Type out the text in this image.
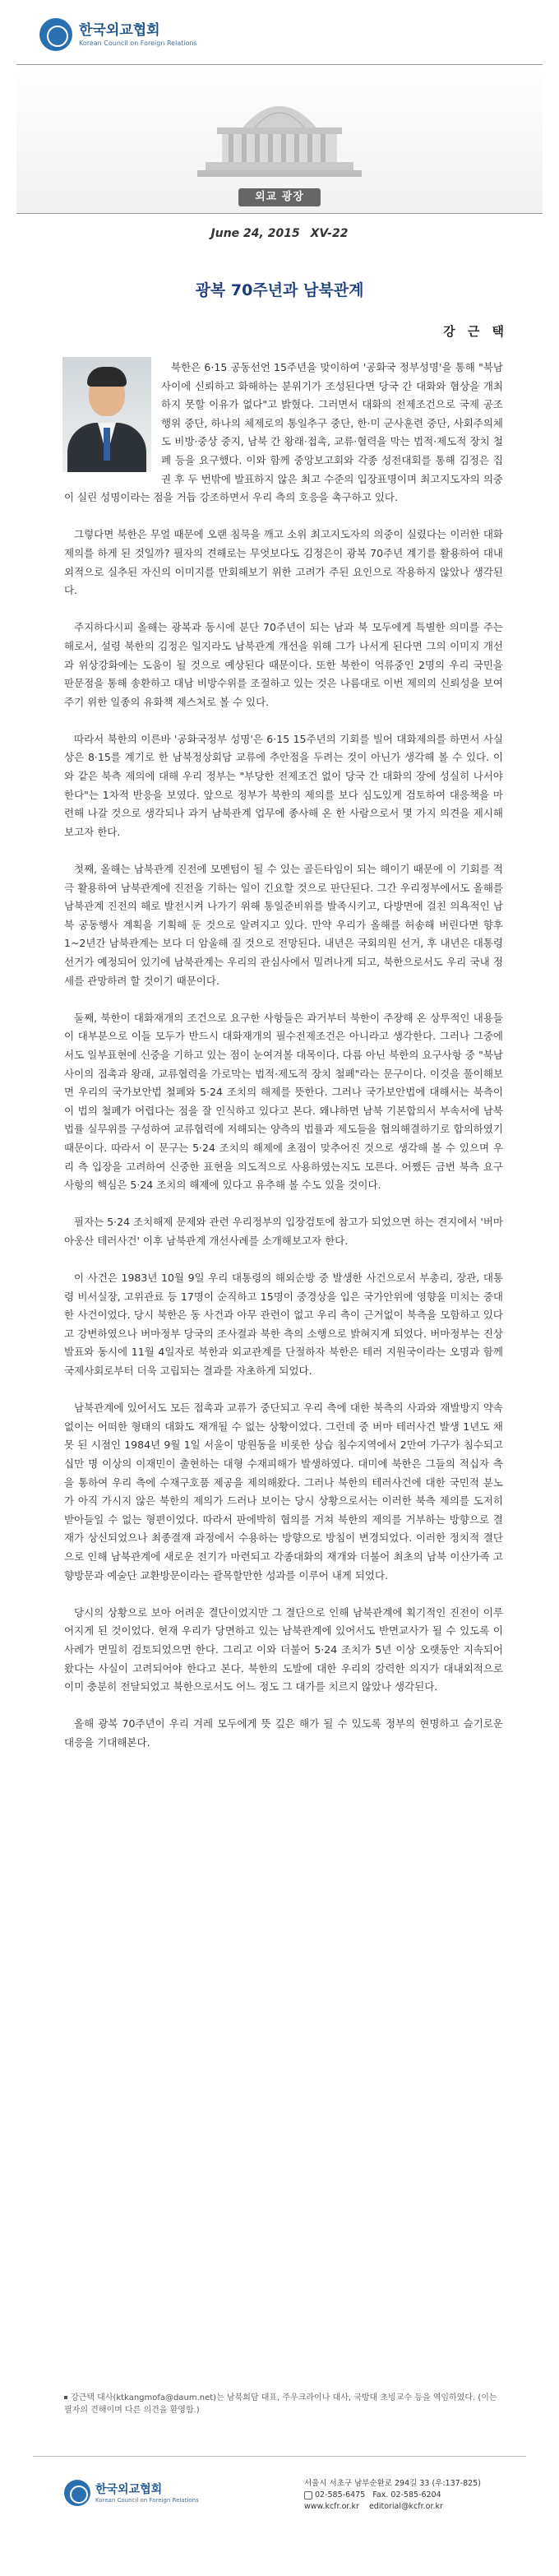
한국외교협회
Korean Council on Foreign Relations
외교 광장
June 24, 2015 XV-22
광복 70주년과 남북관계
강 근 택

북한은 6·15 공동선언 15주년을 맞이하여 '공화국 정부성명'을 통해 "북남 사이에 신뢰하고 화해하는 분위기가 조성된다면 당국 간 대화와 협상을 개최하지 못할 이유가 없다"고 밝혔다. 그러면서 대화의 전제조건으로 국제 공조행위 중단, 하나의 체제로의 통일추구 중단, 한·미 군사훈련 중단, 사회주의체도 비방·중상 중지, 남북 간 왕래·접촉, 교류·협력을 막는 법적·제도적 장치 철폐 등을 요구했다. 이와 함께 중앙보고회와 각종 성전대회를 통해 김정은 집권 후 두 번밖에 발표하지 않은 최고 수준의 입장표명이며 최고지도자의 의중이 실린 성명이라는 점을 거듭 강조하면서 우리 측의 호응을 촉구하고 있다.

그렇다면 북한은 무얼 때문에 오랜 침묵을 깨고 소위 최고지도자의 의중이 실렸다는 이러한 대화제의를 하게 된 것일까? 필자의 견해로는 무엇보다도 김정은이 광복 70주년 계기를 활용하여 대내외적으로 실추된 자신의 이미지를 만회해보기 위한 고려가 주된 요인으로 작용하지 않았나 생각된다.

주지하다시피 올해는 광복과 동시에 분단 70주년이 되는 남과 북 모두에게 특별한 의미를 주는 해로서, 설령 북한의 김정은 일지라도 남북관계 개선을 위해 그가 나서게 된다면 그의 이미지 개선과 위상강화에는 도움이 될 것으로 예상된다 때문이다. 또한 북한이 억류중인 2명의 우리 국민을 판문점을 통해 송환하고 대남 비방수위를 조절하고 있는 것은 나름대로 이번 제의의 신뢰성을 보여주기 위한 일종의 유화책 제스처로 볼 수 있다.

따라서 북한의 이른바 '공화국정부 성명'은 6·15 15주년의 기회를 빌어 대화제의를 하면서 사실상은 8·15를 계기로 한 남북정상회담 교류에 추안점을 두려는 것이 아닌가 생각해 볼 수 있다. 이와 같은 북측 제의에 대해 우리 정부는 "부당한 전제조건 없이 당국 간 대화의 장에 성실히 나서야 한다"는 1차적 반응을 보였다. 앞으로 정부가 북한의 제의를 보다 심도있게 검토하여 대응책을 마련해 나갈 것으로 생각되나 과거 남북관계 업무에 종사해 온 한 사람으로서 몇 가지 의견을 제시해 보고자 한다.

첫째, 올해는 남북관계 진전에 모멘텀이 될 수 있는 골든타임이 되는 해이기 때문에 이 기회를 적극 활용하여 남북관계에 진전을 기하는 일이 긴요할 것으로 판단된다. 그간 우리정부에서도 올해를 남북관계 진전의 해로 발전시켜 나가기 위해 통일준비위를 발족시키고, 다방면에 걸친 의욕적인 남북 공동행사 계획을 기획해 둔 것으로 알려지고 있다. 만약 우리가 올해를 허송해 버린다면 향후 1~2년간 남북관계는 보다 더 암울해 질 것으로 전망된다. 내년은 국회의원 선거, 후 내년은 대통령 선거가 예정되어 있기에 남북관계는 우리의 관심사에서 밀려나게 되고, 북한으로서도 우리 국내 정세를 관망하려 할 것이기 때문이다.

둘째, 북한이 대화재개의 조건으로 요구한 사항들은 과거부터 북한이 주장해 온 상투적인 내용들이 대부분으로 이들 모두가 반드시 대화재개의 필수전제조건은 아니라고 생각한다. 그러나 그중에서도 일부표현에 신중을 기하고 있는 점이 눈여겨볼 대목이다. 다름 아닌 북한의 요구사항 중 "북남사이의 접촉과 왕래, 교류협력을 가로막는 법적·제도적 장치 철폐"라는 문구이다. 이것을 풀이해보면 우리의 국가보안법 철폐와 5·24 조치의 해제를 뜻한다. 그러나 국가보안법에 대해서는 북측이 이 법의 철폐가 어렵다는 점을 잘 인식하고 있다고 본다. 왜냐하면 남북 기본합의서 부속서에 남북법률 실무위를 구성하여 교류협력에 저해되는 양측의 법률과 제도들을 협의해결하기로 합의하였기 때문이다. 따라서 이 문구는 5·24 조치의 해제에 초점이 맞추어진 것으로 생각해 볼 수 있으며 우리 측 입장을 고려하여 신중한 표현을 의도적으로 사용하였는지도 모른다. 어쨌든 금번 북측 요구사항의 핵심은 5·24 조치의 해제에 있다고 유추해 볼 수도 있을 것이다.

필자는 5·24 조치해제 문제와 관련 우리정부의 입장검토에 참고가 되었으면 하는 견지에서 '버마 아웅산 테러사건' 이후 남북관계 개선사례를 소개해보고자 한다.

이 사건은 1983년 10월 9일 우리 대통령의 해외순방 중 발생한 사건으로서 부총리, 장관, 대통령 비서실장, 고위관료 등 17명이 순직하고 15명이 중경상을 입은 국가안위에 영향을 미치는 중대한 사건이었다. 당시 북한은 동 사건과 아무 관련이 없고 우리 측이 근거없이 북측을 모함하고 있다고 강변하였으나 버마정부 당국의 조사결과 북한 측의 소행으로 밝혀지게 되었다. 버마정부는 진상발표와 동시에 11월 4일자로 북한과 외교관계를 단절하자 북한은 테러 지원국이라는 오명과 함께 국제사회로부터 더욱 고립되는 결과를 자초하게 되었다.

남북관계에 있어서도 모든 접촉과 교류가 중단되고 우리 측에 대한 북측의 사과와 재발방지 약속없이는 어떠한 형태의 대화도 재개될 수 없는 상황이었다. 그런데 중 버마 테러사건 발생 1년도 채 못 된 시점인 1984년 9월 1일 서울이 망원동을 비롯한 상습 침수지역에서 2만여 가구가 침수되고 십만 명 이상의 이재민이 출현하는 대형 수재피해가 발생하였다. 대미에 북한은 그들의 적십자 측을 통하여 우리 측에 수재구호품 제공을 제의해왔다. 그러나 북한의 테러사건에 대한 국민적 분노가 아직 가시지 않은 북한의 제의가 드러나 보이는 당시 상황으로서는 이러한 북측 제의를 도저히 받아들일 수 없는 형편이었다. 따라서 판에박히 협의를 거쳐 북한의 제의를 거부하는 방향으로 결재가 상신되었으나 최종결재 과정에서 수용하는 방향으로 방침이 변경되었다. 이러한 정치적 결단으로 인해 남북관계에 새로운 전기가 마련되고 각종대화의 재개와 더불어 최초의 남북 이산가족 고향방문과 예술단 교환방문이라는 괄목할만한 성과를 이루어 내게 되었다.

당시의 상황으로 보아 어려운 결단이었지만 그 결단으로 인해 남북관계에 획기적인 진전이 이루어지게 된 것이었다. 현재 우리가 당면하고 있는 남북관계에 있어서도 반면교사가 될 수 있도록 이 사례가 면밀히 검토되었으면 한다. 그리고 이와 더불어 5·24 조치가 5년 이상 오랫동안 지속되어 왔다는 사실이 고려되어야 한다고 본다. 북한의 도발에 대한 우리의 강력한 의지가 대내외적으로 이미 충분히 전달되었고 북한으로서도 어느 정도 그 대가를 치르지 않았나 생각된다.

올해 광복 70주년이 우리 겨레 모두에게 뜻 깊은 해가 될 수 있도록 정부의 현명하고 슬기로운 대응을 기대해본다.

강근택 대사(ktkangmofa@daum.net)는 남북회담 대표, 주우크라이나 대사, 국방대 초빙교수 등을 역임하였다. (이는 필자의 견해이며 다른 의견을 환영함.)
한국외교협회
Korean Council on Foreign Relations
서울시 서초구 남부순환로 294길 33 (우:137-825)
02-585-6475 Fax. 02-585-6204
www.kcfr.or.kr editorial@kcfr.or.kr
